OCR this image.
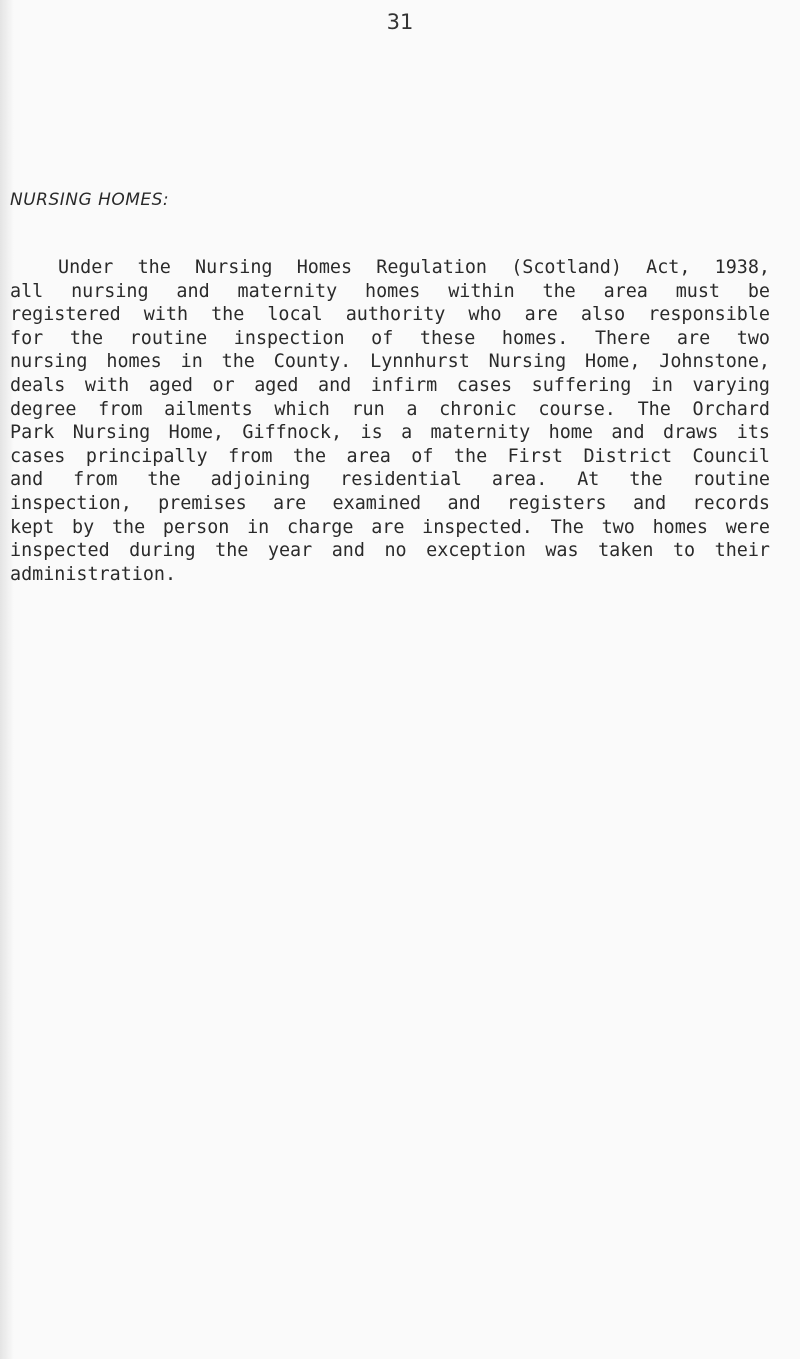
31
NURSING HOMES:

Under the Nursing Homes Regulation (Scotland) Act, 1938,
all nursing and maternity homes within the area must be
registered with the local authority who are also responsible
for the routine inspection of these homes. There are two
nursing homes in the County. Lynnhurst Nursing Home, Johnstone,
deals with aged or aged and infirm cases suffering in varying
degree from ailments which run a chronic course. The Orchard
Park Nursing Home, Giffnock, is a maternity home and draws its
cases principally from the area of the First District Council
and from the adjoining residential area. At the routine
inspection, premises are examined and registers and records
kept by the person in charge are inspected. The two homes were
inspected during the year and no exception was taken to their
administration.
